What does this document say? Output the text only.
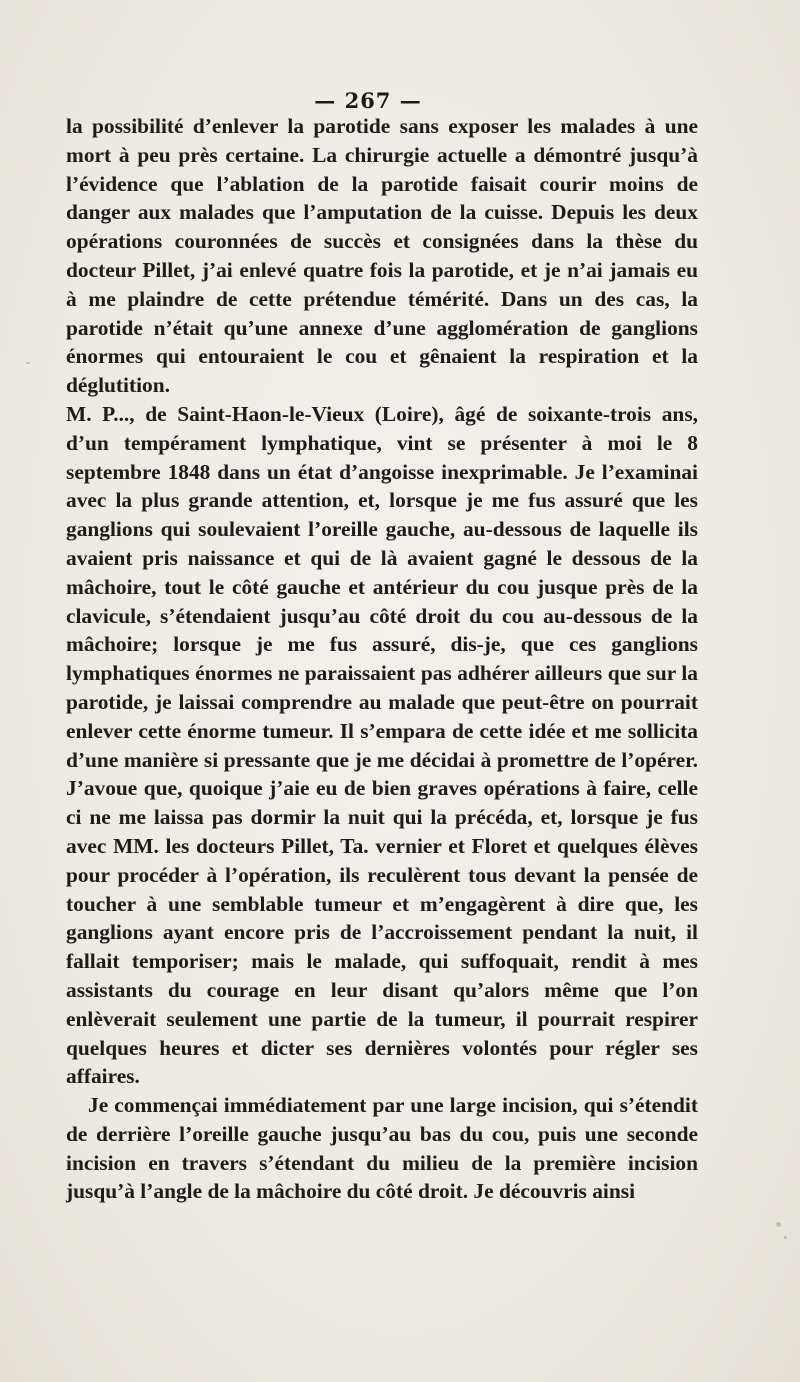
— 267 —

la possibilité d’enlever la parotide sans exposer les malades à une mort à peu près certaine. La chirurgie actuelle a démontré jusqu’à l’évidence que l’ablation de la parotide faisait courir moins de danger aux malades que l’amputation de la cuisse. Depuis les deux opérations couronnées de succès et consignées dans la thèse du docteur Pillet, j’ai enlevé quatre fois la parotide, et je n’ai jamais eu à me plaindre de cette prétendue témérité. Dans un des cas, la parotide n’était qu’une annexe d’une agglomération de ganglions énormes qui entouraient le cou et gênaient la respiration et la déglutition.

M. P..., de Saint-Haon-le-Vieux (Loire), âgé de soixante-trois ans, d’un tempérament lymphatique, vint se présenter à moi le 8 septembre 1848 dans un état d’angoisse inexprimable. Je l’examinai avec la plus grande attention, et, lorsque je me fus assuré que les ganglions qui soulevaient l’oreille gauche, au-dessous de laquelle ils avaient pris naissance et qui de là avaient gagné le dessous de la mâchoire, tout le côté gauche et antérieur du cou jusque près de la clavicule, s’étendaient jusqu’au côté droit du cou au-dessous de la mâchoire; lorsque je me fus assuré, dis-je, que ces ganglions lymphatiques énormes ne paraissaient pas adhérer ailleurs que sur la parotide, je laissai comprendre au malade que peut-être on pourrait enlever cette énorme tumeur. Il s’empara de cette idée et me sollicita d’une manière si pressante que je me décidai à promettre de l’opérer. J’avoue que, quoique j’aie eu de bien graves opérations à faire, celle ci ne me laissa pas dormir la nuit qui la précéda, et, lorsque je fus avec MM. les docteurs Pillet, Ta. vernier et Floret et quelques élèves pour procéder à l’opération, ils reculèrent tous devant la pensée de toucher à une semblable tumeur et m’engagèrent à dire que, les ganglions ayant encore pris de l’accroissement pendant la nuit, il fallait temporiser; mais le malade, qui suffoquait, rendit à mes assistants du courage en leur disant qu’alors même que l’on enlèverait seulement une partie de la tumeur, il pourrait respirer quelques heures et dicter ses dernières volontés pour régler ses affaires.

Je commençai immédiatement par une large incision, qui s’étendit de derrière l’oreille gauche jusqu’au bas du cou, puis une seconde incision en travers s’étendant du milieu de la première incision jusqu’à l’angle de la mâchoire du côté droit. Je découvris ainsi
